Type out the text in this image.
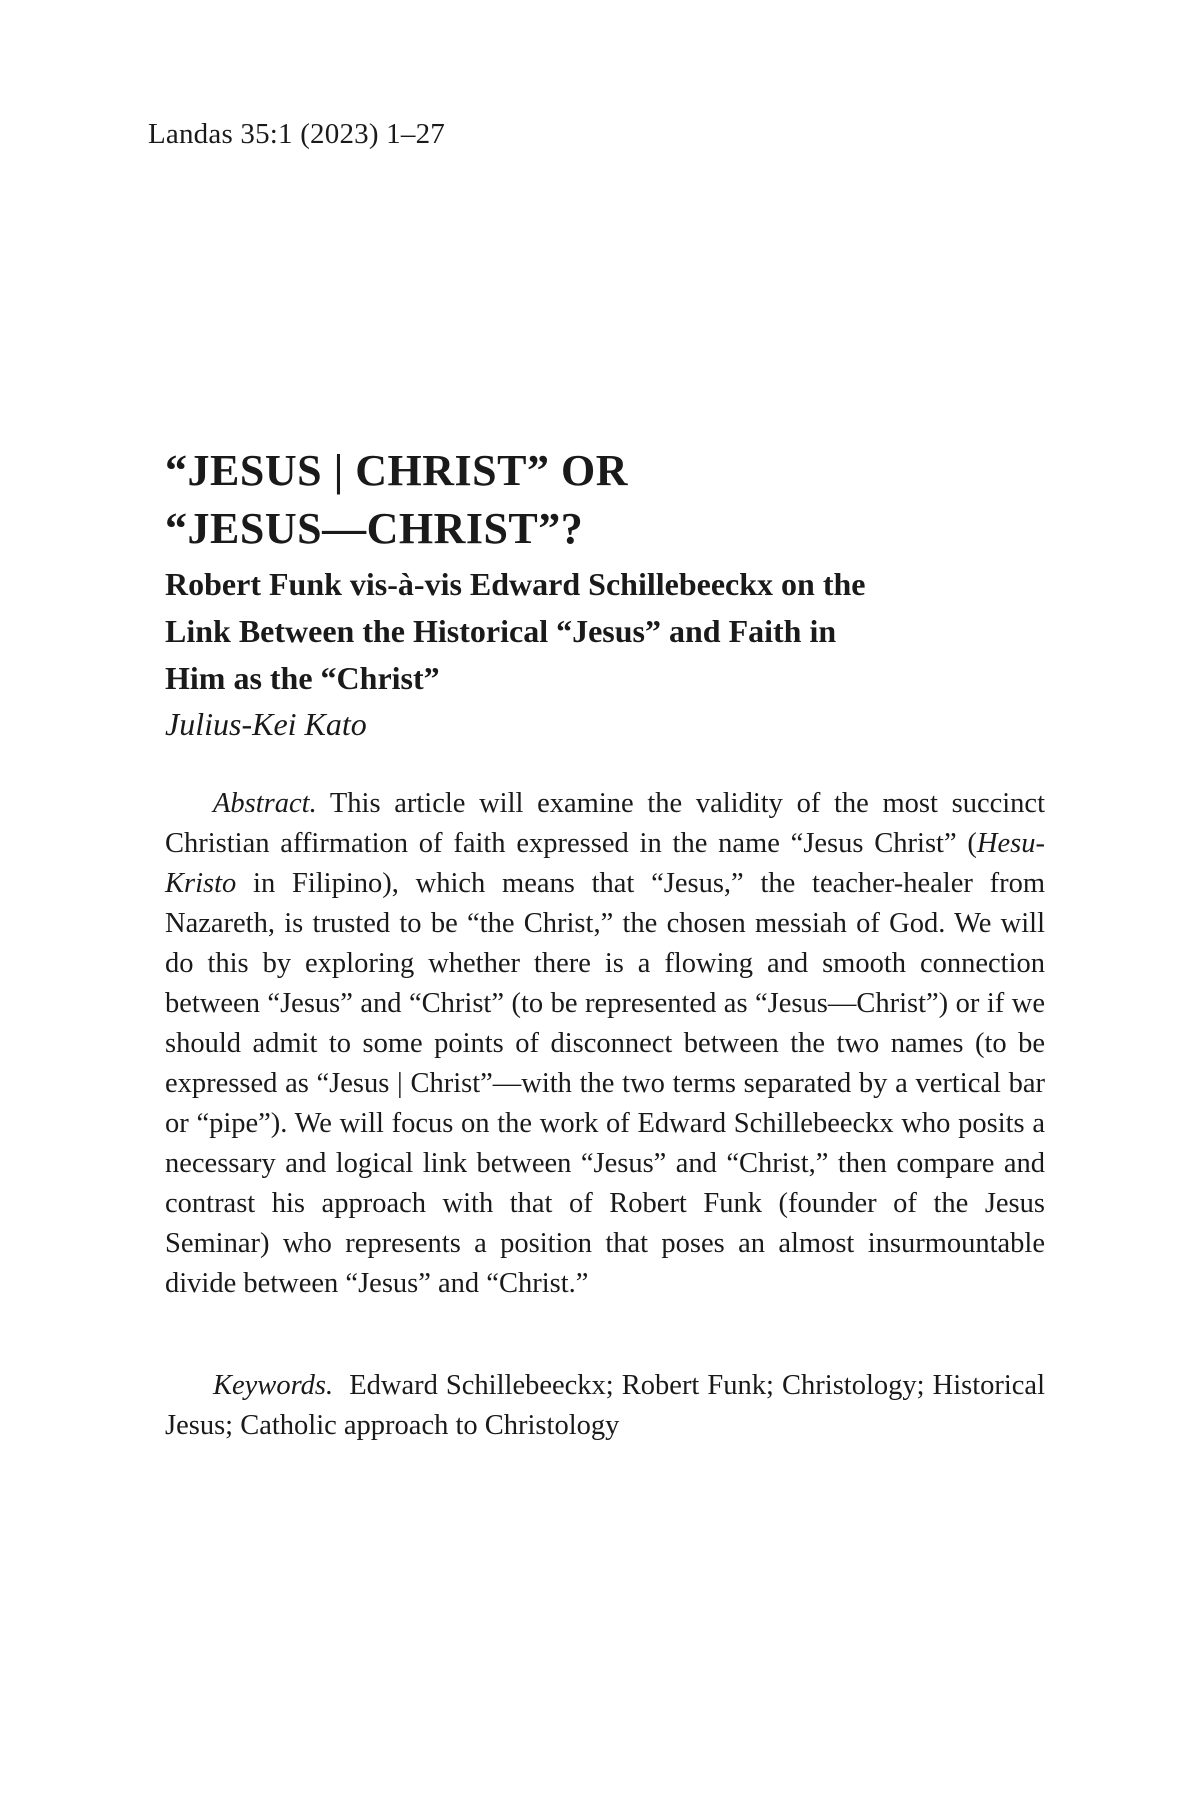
Landas 35:1 (2023) 1–27
“JESUS | CHRIST” OR
“JESUS—CHRIST”?
Robert Funk vis-à-vis Edward Schillebeeckx on the
Link Between the Historical “Jesus” and Faith in
Him as the “Christ”
Julius-Kei Kato

Abstract. This article will examine the validity of the most succinct Christian affirmation of faith expressed in the name “Jesus Christ” (Hesu-Kristo in Filipino), which means that “Jesus,” the teacher-healer from Nazareth, is trusted to be “the Christ,” the chosen messiah of God. We will do this by exploring whether there is a flowing and smooth connection between “Jesus” and “Christ” (to be represented as “Jesus—Christ”) or if we should admit to some points of disconnect between the two names (to be expressed as “Jesus | Christ”—with the two terms separated by a vertical bar or “pipe”). We will focus on the work of Edward Schillebeeckx who posits a necessary and logical link between “Jesus” and “Christ,” then compare and contrast his approach with that of Robert Funk (founder of the Jesus Seminar) who represents a position that poses an almost insurmountable divide between “Jesus” and “Christ.”

Keywords.  Edward Schillebeeckx; Robert Funk; Christology; Historical Jesus; Catholic approach to Christology
